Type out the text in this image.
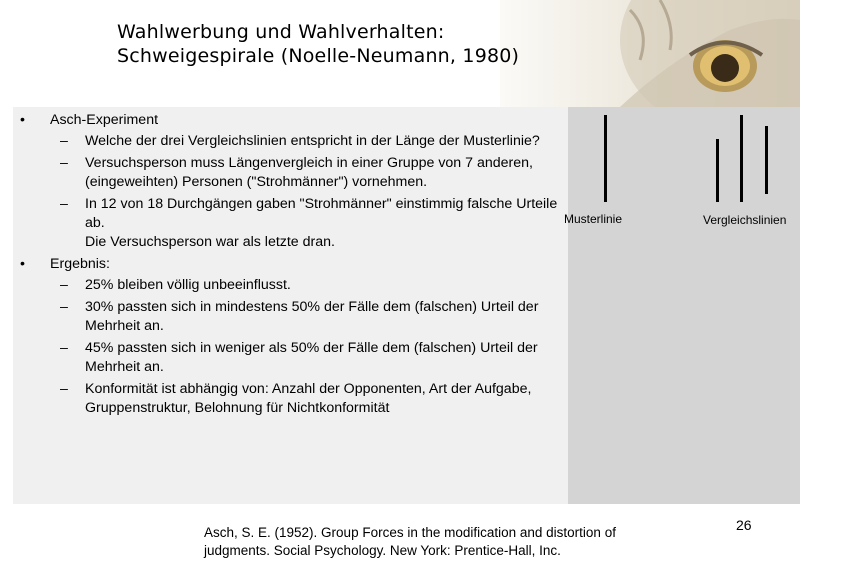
Wahlwerbung und Wahlverhalten:
Schweigespirale (Noelle-Neumann, 1980)
• Asch-Experiment
– Welche der drei Vergleichslinien entspricht in der Länge der Musterlinie?
– Versuchsperson muss Längenvergleich in einer Gruppe von 7 anderen, (eingeweihten) Personen ("Strohmänner") vornehmen.
– In 12 von 18 Durchgängen gaben "Strohmänner" einstimmig falsche Urteile ab.
Die Versuchsperson war als letzte dran.
• Ergebnis:
– 25% bleiben völlig unbeeinflusst.
– 30% passten sich in mindestens 50% der Fälle dem (falschen) Urteil der Mehrheit an.
– 45% passten sich in weniger als 50% der Fälle dem (falschen) Urteil der Mehrheit an.
– Konformität ist abhängig von: Anzahl der Opponenten, Art der Aufgabe, Gruppenstruktur, Belohnung für Nichtkonformität
Musterlinie	Vergleichslinien
26
Asch, S. E. (1952). Group Forces in the modification and distortion of
judgments. Social Psychology. New York: Prentice-Hall, Inc.
